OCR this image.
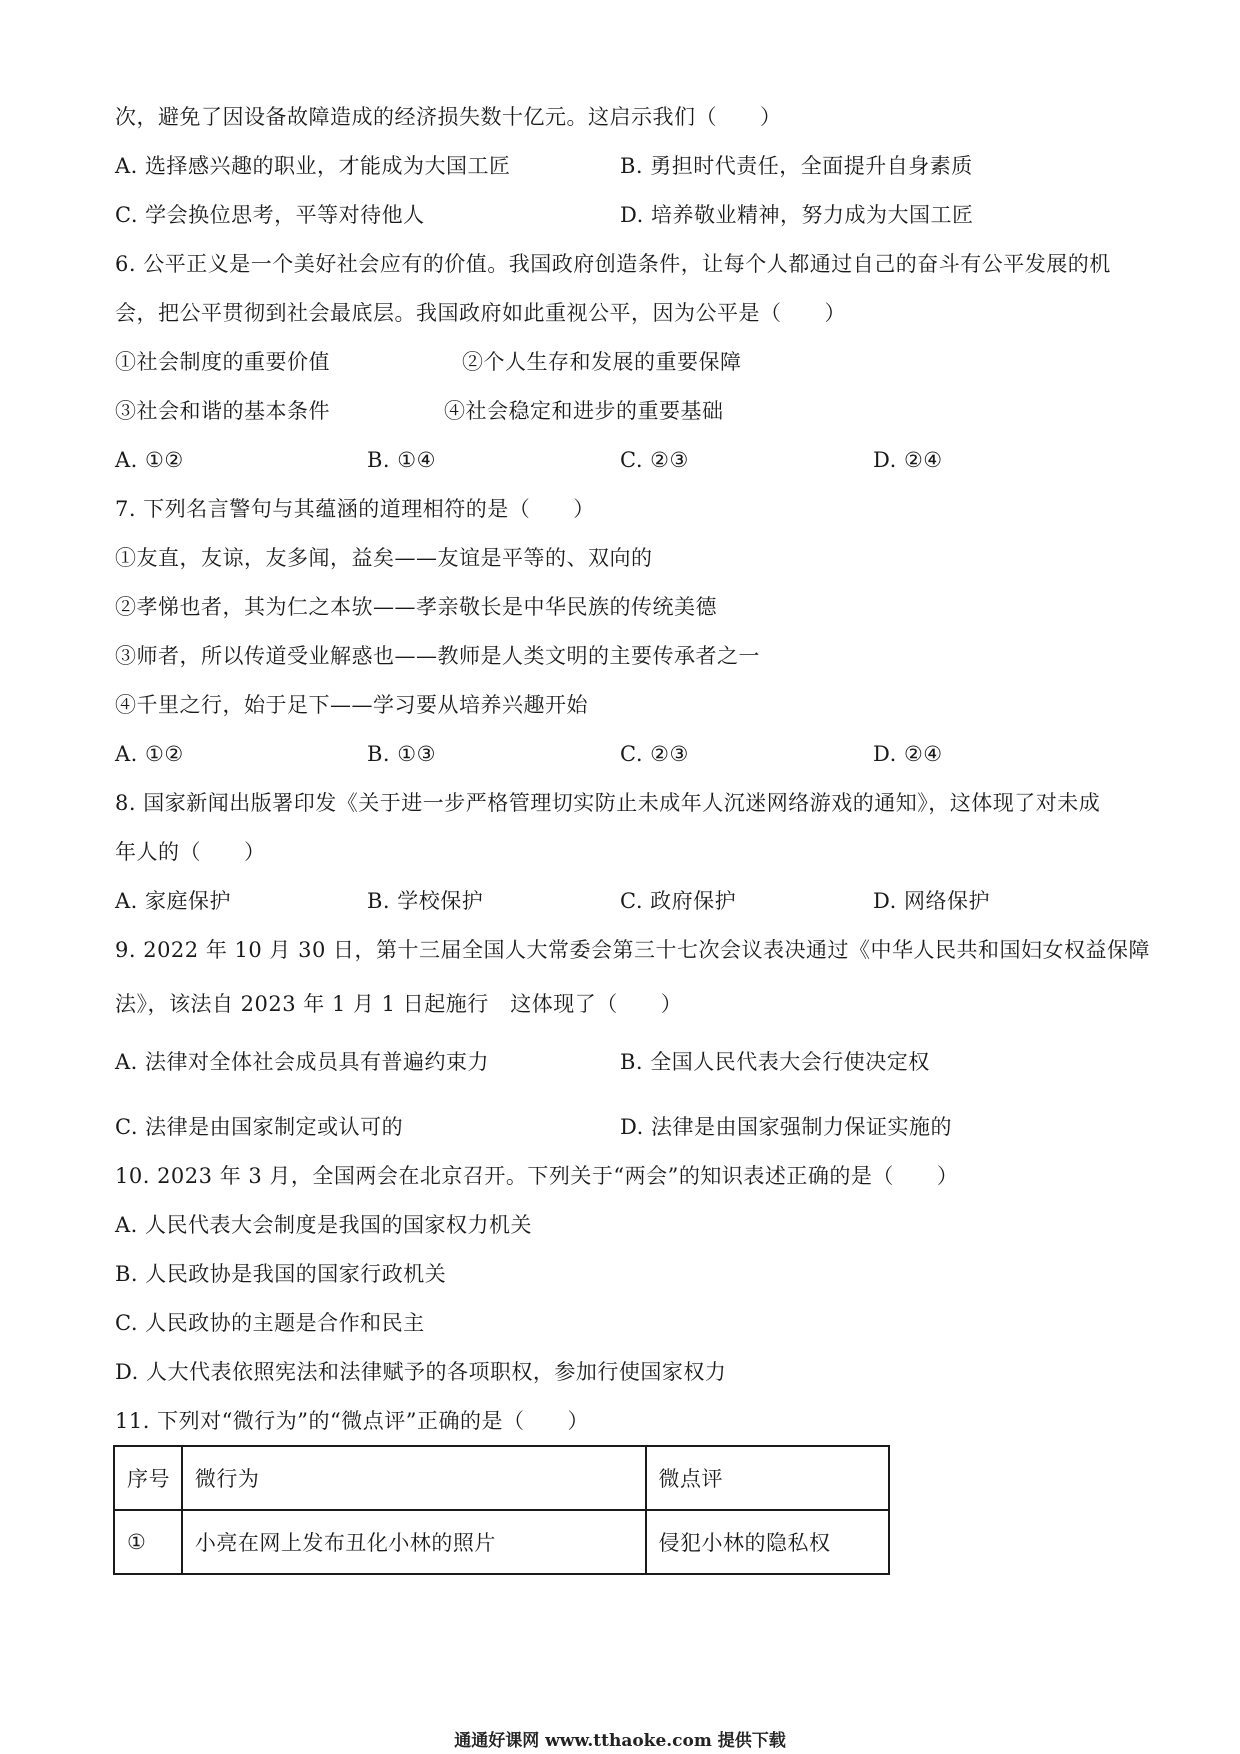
次，避免了因设备故障造成的经济损失数十亿元。这启示我们（　　）
A. 选择感兴趣的职业，才能成为大国工匠	B. 勇担时代责任，全面提升自身素质
C. 学会换位思考，平等对待他人	D. 培养敬业精神，努力成为大国工匠
6. 公平正义是一个美好社会应有的价值。我国政府创造条件，让每个人都通过自己的奋斗有公平发展的机
会，把公平贯彻到社会最底层。我国政府如此重视公平，因为公平是（　　）
①社会制度的重要价值	②个人生存和发展的重要保障
③社会和谐的基本条件	④社会稳定和进步的重要基础
A. ①②	B. ①④	C. ②③	D. ②④
7. 下列名言警句与其蕴涵的道理相符的是（　　）
①友直，友谅，友多闻，益矣——友谊是平等的、双向的
②孝悌也者，其为仁之本欤——孝亲敬长是中华民族的传统美德
③师者，所以传道受业解惑也——教师是人类文明的主要传承者之一
④千里之行，始于足下——学习要从培养兴趣开始
A. ①②	B. ①③	C. ②③	D. ②④
8. 国家新闻出版署印发《关于进一步严格管理切实防止未成年人沉迷网络游戏的通知》，这体现了对未成
年人的（　　）
A. 家庭保护	B. 学校保护	C. 政府保护	D. 网络保护
9. 2022 年 10 月 30 日，第十三届全国人大常委会第三十七次会议表决通过《中华人民共和国妇女权益保障
法》，该法自 2023 年 1 月 1 日起施行　这体现了（　　）
A. 法律对全体社会成员具有普遍约束力	B. 全国人民代表大会行使决定权
C. 法律是由国家制定或认可的	D. 法律是由国家强制力保证实施的
10. 2023 年 3 月，全国两会在北京召开。下列关于“两会”的知识表述正确的是（　　）
A. 人民代表大会制度是我国的国家权力机关
B. 人民政协是我国的国家行政机关
C. 人民政协的主题是合作和民主
D. 人大代表依照宪法和法律赋予的各项职权，参加行使国家权力
11. 下列对“微行为”的“微点评”正确的是（　　）
序号	微行为	微点评
①	小亮在网上发布丑化小林的照片	侵犯小林的隐私权
通通好课网 www.tthaoke.com 提供下载
